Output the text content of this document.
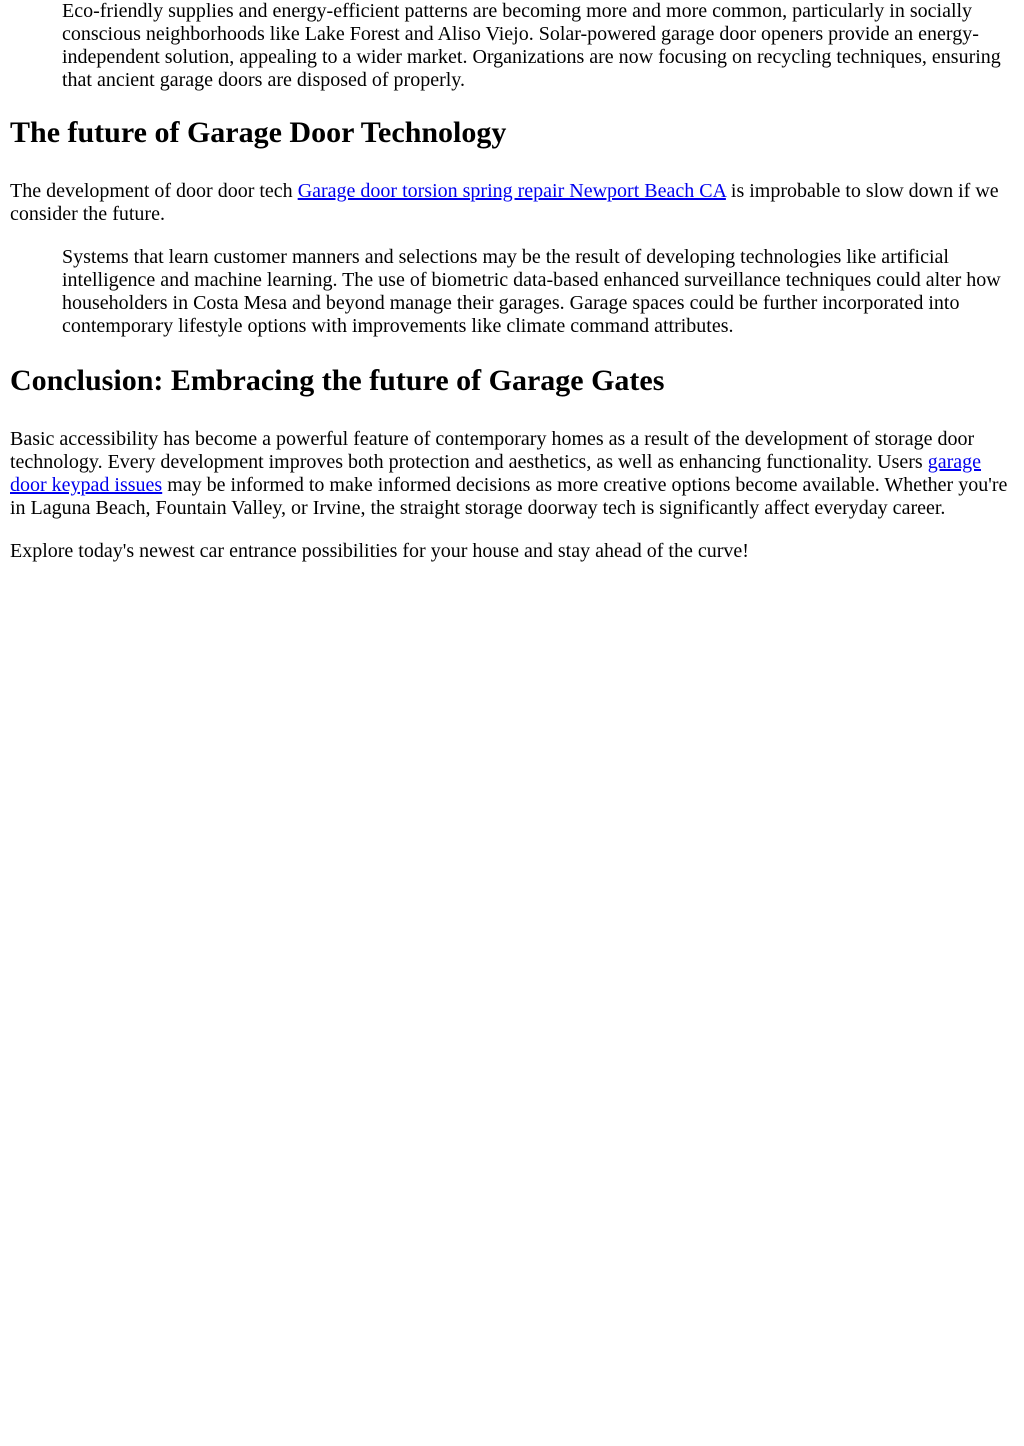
Eco-friendly supplies and energy-efficient patterns are becoming more and more common, particularly in socially conscious neighborhoods like Lake Forest and Aliso Viejo. Solar-powered garage door openers provide an energy-independent solution, appealing to a wider market. Organizations are now focusing on recycling techniques, ensuring that ancient garage doors are disposed of properly.

The future of Garage Door Technology

The development of door door tech Garage door torsion spring repair Newport Beach CA is improbable to slow down if we consider the future.

Systems that learn customer manners and selections may be the result of developing technologies like artificial intelligence and machine learning. The use of biometric data-based enhanced surveillance techniques could alter how householders in Costa Mesa and beyond manage their garages. Garage spaces could be further incorporated into contemporary lifestyle options with improvements like climate command attributes.

Conclusion: Embracing the future of Garage Gates

Basic accessibility has become a powerful feature of contemporary homes as a result of the development of storage door technology. Every development improves both protection and aesthetics, as well as enhancing functionality. Users garage door keypad issues may be informed to make informed decisions as more creative options become available. Whether you're in Laguna Beach, Fountain Valley, or Irvine, the straight storage doorway tech is significantly affect everyday career.

Explore today's newest car entrance possibilities for your house and stay ahead of the curve!
